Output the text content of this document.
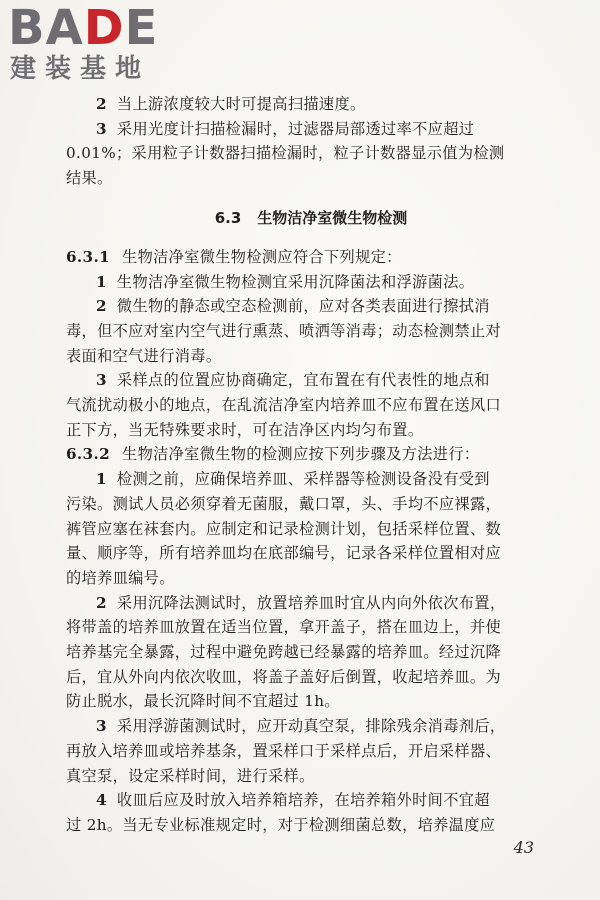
BADE
建装基地
2 当上游浓度较大时可提高扫描速度。
3 采用光度计扫描检漏时，过滤器局部透过率不应超过
0.01%；采用粒子计数器扫描检漏时，粒子计数器显示值为检测
结果。
6.3 生物洁净室微生物检测
6.3.1 生物洁净室微生物检测应符合下列规定：
1 生物洁净室微生物检测宜采用沉降菌法和浮游菌法。
2 微生物的静态或空态检测前，应对各类表面进行擦拭消
毒，但不应对室内空气进行熏蒸、喷洒等消毒；动态检测禁止对
表面和空气进行消毒。
3 采样点的位置应协商确定，宜布置在有代表性的地点和
气流扰动极小的地点，在乱流洁净室内培养皿不应布置在送风口
正下方，当无特殊要求时，可在洁净区内均匀布置。
6.3.2 生物洁净室微生物的检测应按下列步骤及方法进行：
1 检测之前，应确保培养皿、采样器等检测设备没有受到
污染。测试人员必须穿着无菌服，戴口罩，头、手均不应裸露，
裤管应塞在袜套内。应制定和记录检测计划，包括采样位置、数
量、顺序等，所有培养皿均在底部编号，记录各采样位置相对应
的培养皿编号。
2 采用沉降法测试时，放置培养皿时宜从内向外依次布置，
将带盖的培养皿放置在适当位置，拿开盖子，搭在皿边上，并使
培养基完全暴露，过程中避免跨越已经暴露的培养皿。经过沉降
后，宜从外向内依次收皿，将盖子盖好后倒置，收起培养皿。为
防止脱水，最长沉降时间不宜超过 1h。
3 采用浮游菌测试时，应开动真空泵，排除残余消毒剂后，
再放入培养皿或培养基条，置采样口于采样点后，开启采样器、
真空泵，设定采样时间，进行采样。
4 收皿后应及时放入培养箱培养，在培养箱外时间不宜超
过 2h。当无专业标准规定时，对于检测细菌总数，培养温度应
43
